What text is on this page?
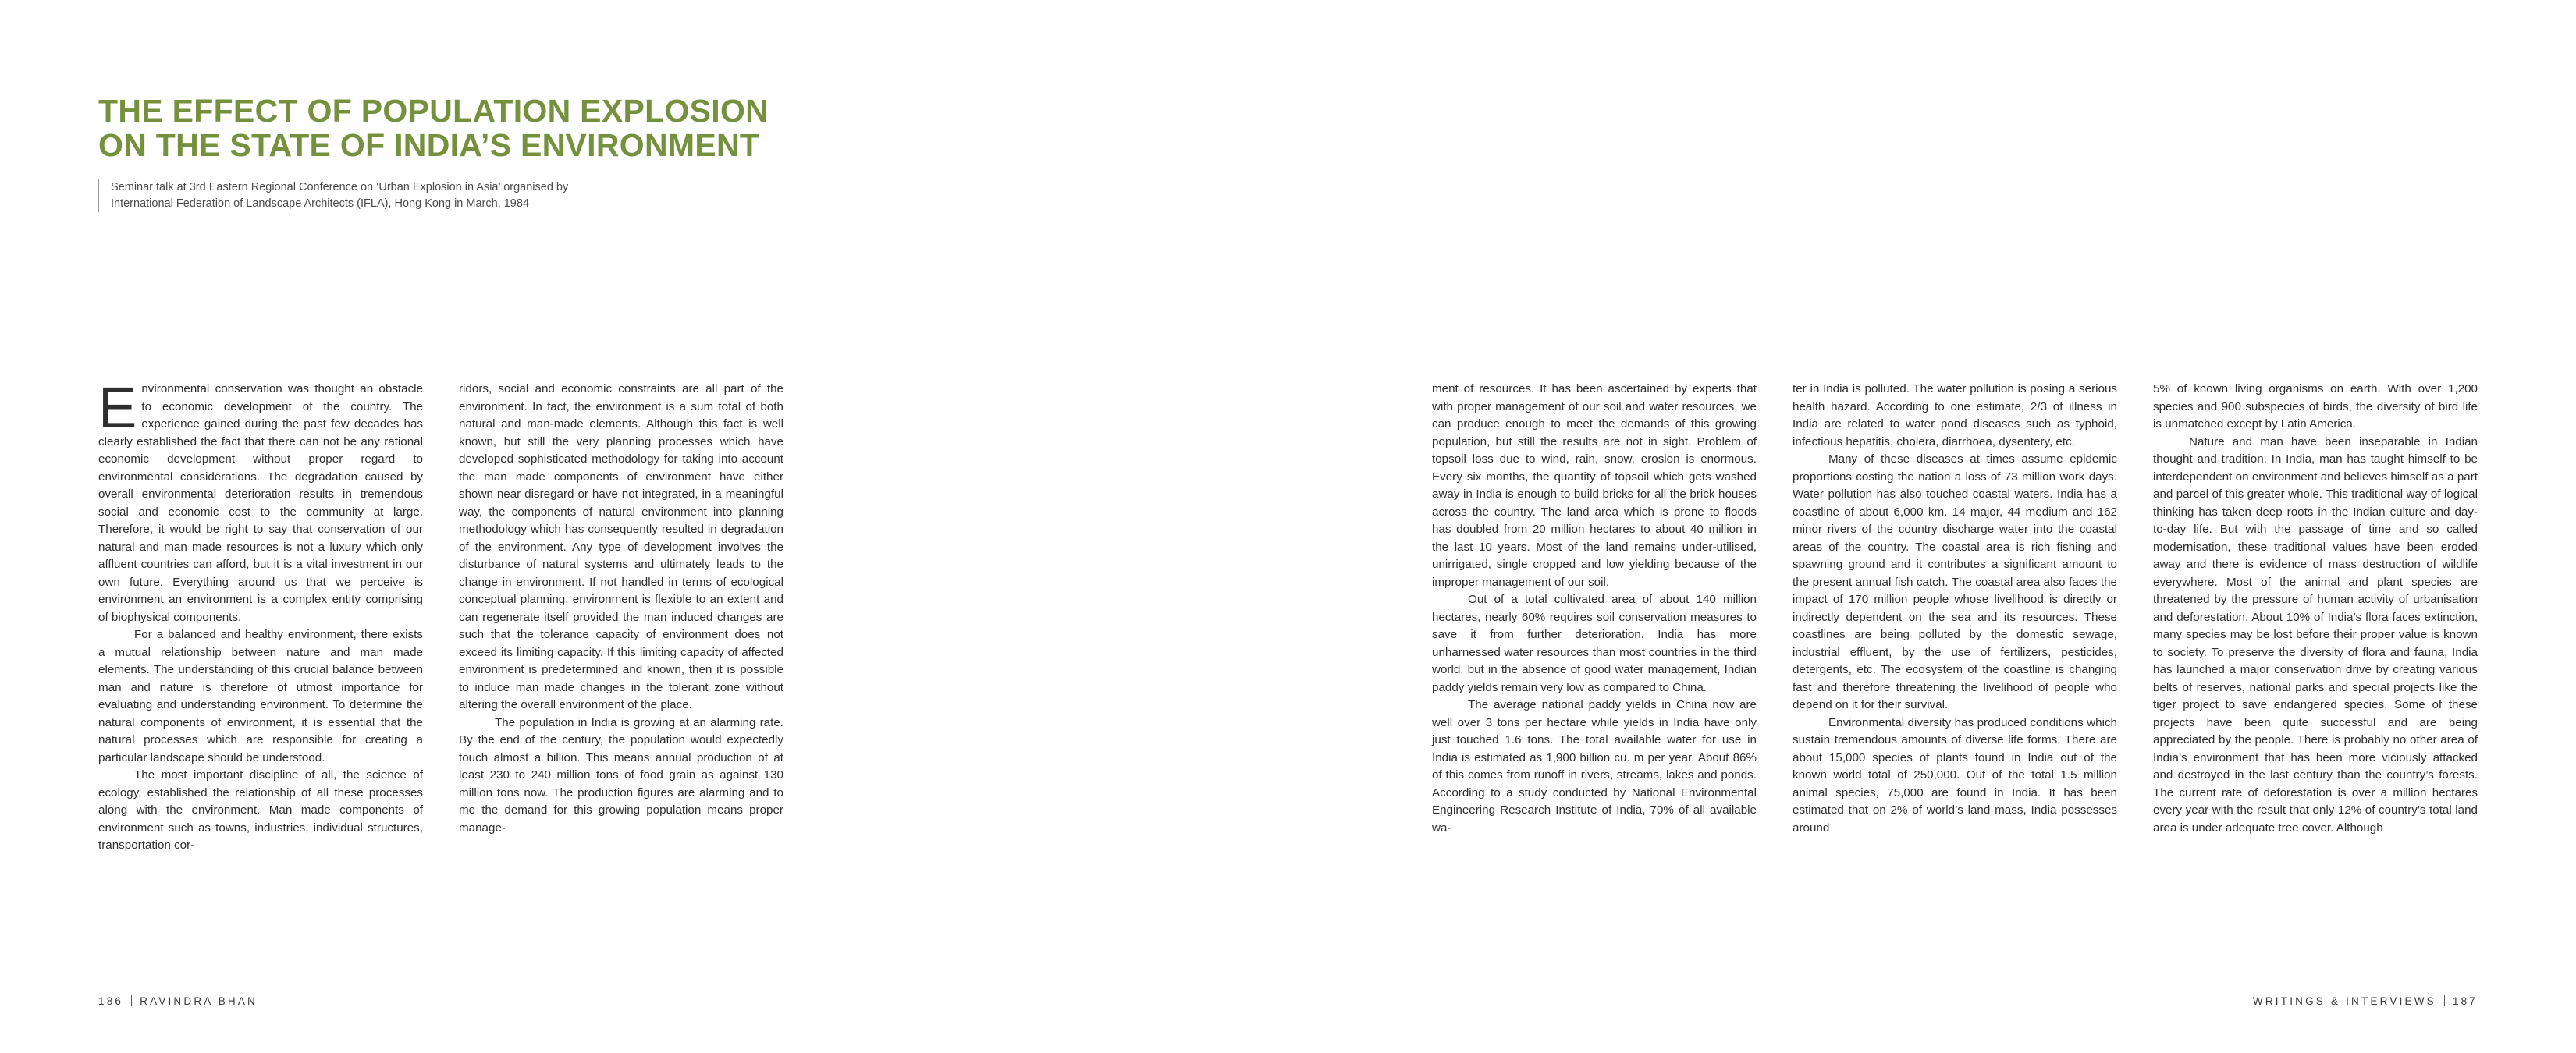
THE EFFECT OF POPULATION EXPLOSION
ON THE STATE OF INDIA’S ENVIRONMENT
Seminar talk at 3rd Eastern Regional Conference on ‘Urban Explosion in Asia’ organised by
International Federation of Landscape Architects (IFLA), Hong Kong in March, 1984

Environmental conservation was thought an obstacle to economic development of the country. The experience gained during the past few decades has clearly established the fact that there can not be any rational economic development without proper regard to environmental considerations. The degradation caused by overall environmental deterioration results in tremendous social and economic cost to the community at large. Therefore, it would be right to say that conservation of our natural and man made resources is not a luxury which only affluent countries can afford, but it is a vital investment in our own future. Everything around us that we perceive is environment an environment is a complex entity comprising of biophysical components.

For a balanced and healthy environment, there exists a mutual relationship between nature and man made elements. The understanding of this crucial balance between man and nature is therefore of utmost importance for evaluating and understanding environment. To determine the natural components of environment, it is essential that the natural processes which are responsible for creating a particular landscape should be understood.

The most important discipline of all, the science of ecology, established the relationship of all these processes along with the environment. Man made components of environment such as towns, industries, individual structures, transportation cor-

ridors, social and economic constraints are all part of the environment. In fact, the environment is a sum total of both natural and man-made elements. Although this fact is well known, but still the very planning processes which have developed sophisticated methodology for taking into account the man made components of environment have either shown near disregard or have not integrated, in a meaningful way, the components of natural environment into planning methodology which has consequently resulted in degradation of the environment. Any type of development involves the disturbance of natural systems and ultimately leads to the change in environment. If not handled in terms of ecological conceptual planning, environment is flexible to an extent and can regenerate itself provided the man induced changes are such that the tolerance capacity of environment does not exceed its limiting capacity. If this limiting capacity of affected environment is predetermined and known, then it is possible to induce man made changes in the tolerant zone without altering the overall environment of the place.

The population in India is growing at an alarming rate. By the end of the century, the population would expectedly touch almost a billion. This means annual production of at least 230 to 240 million tons of food grain as against 130 million tons now. The production figures are alarming and to me the demand for this growing population means proper manage-

186 RAVINDRA BHAN

ment of resources. It has been ascertained by experts that with proper management of our soil and water resources, we can produce enough to meet the demands of this growing population, but still the results are not in sight. Problem of topsoil loss due to wind, rain, snow, erosion is enormous. Every six months, the quantity of topsoil which gets washed away in India is enough to build bricks for all the brick houses across the country. The land area which is prone to floods has doubled from 20 million hectares to about 40 million in the last 10 years. Most of the land remains under-utilised, unirrigated, single cropped and low yielding because of the improper management of our soil.

Out of a total cultivated area of about 140 million hectares, nearly 60% requires soil conservation measures to save it from further deterioration. India has more unharnessed water resources than most countries in the third world, but in the absence of good water management, Indian paddy yields remain very low as compared to China.

The average national paddy yields in China now are well over 3 tons per hectare while yields in India have only just touched 1.6 tons. The total available water for use in India is estimated as 1,900 billion cu. m per year. About 86% of this comes from runoff in rivers, streams, lakes and ponds. According to a study conducted by National Environmental Engineering Research Institute of India, 70% of all available wa-

ter in India is polluted. The water pollution is posing a serious health hazard. According to one estimate, 2/3 of illness in India are related to water pond diseases such as typhoid, infectious hepatitis, cholera, diarrhoea, dysentery, etc.

Many of these diseases at times assume epidemic proportions costing the nation a loss of 73 million work days. Water pollution has also touched coastal waters. India has a coastline of about 6,000 km. 14 major, 44 medium and 162 minor rivers of the country discharge water into the coastal areas of the country. The coastal area is rich fishing and spawning ground and it contributes a significant amount to the present annual fish catch. The coastal area also faces the impact of 170 million people whose livelihood is directly or indirectly dependent on the sea and its resources. These coastlines are being polluted by the domestic sewage, industrial effluent, by the use of fertilizers, pesticides, detergents, etc. The ecosystem of the coastline is changing fast and therefore threatening the livelihood of people who depend on it for their survival.

Environmental diversity has produced conditions which sustain tremendous amounts of diverse life forms. There are about 15,000 species of plants found in India out of the known world total of 250,000. Out of the total 1.5 million animal species, 75,000 are found in India. It has been estimated that on 2% of world’s land mass, India possesses around

5% of known living organisms on earth. With over 1,200 species and 900 subspecies of birds, the diversity of bird life is unmatched except by Latin America.

Nature and man have been inseparable in Indian thought and tradition. In India, man has taught himself to be interdependent on environment and believes himself as a part and parcel of this greater whole. This traditional way of logical thinking has taken deep roots in the Indian culture and day-to-day life. But with the passage of time and so called modernisation, these traditional values have been eroded away and there is evidence of mass destruction of wildlife everywhere. Most of the animal and plant species are threatened by the pressure of human activity of urbanisation and deforestation. About 10% of India’s flora faces extinction, many species may be lost before their proper value is known to society. To preserve the diversity of flora and fauna, India has launched a major conservation drive by creating various belts of reserves, national parks and special projects like the tiger project to save endangered species. Some of these projects have been quite successful and are being appreciated by the people. There is probably no other area of India’s environment that has been more viciously attacked and destroyed in the last century than the country’s forests. The current rate of deforestation is over a million hectares every year with the result that only 12% of country’s total land area is under adequate tree cover. Although

WRITINGS & INTERVIEWS 187
